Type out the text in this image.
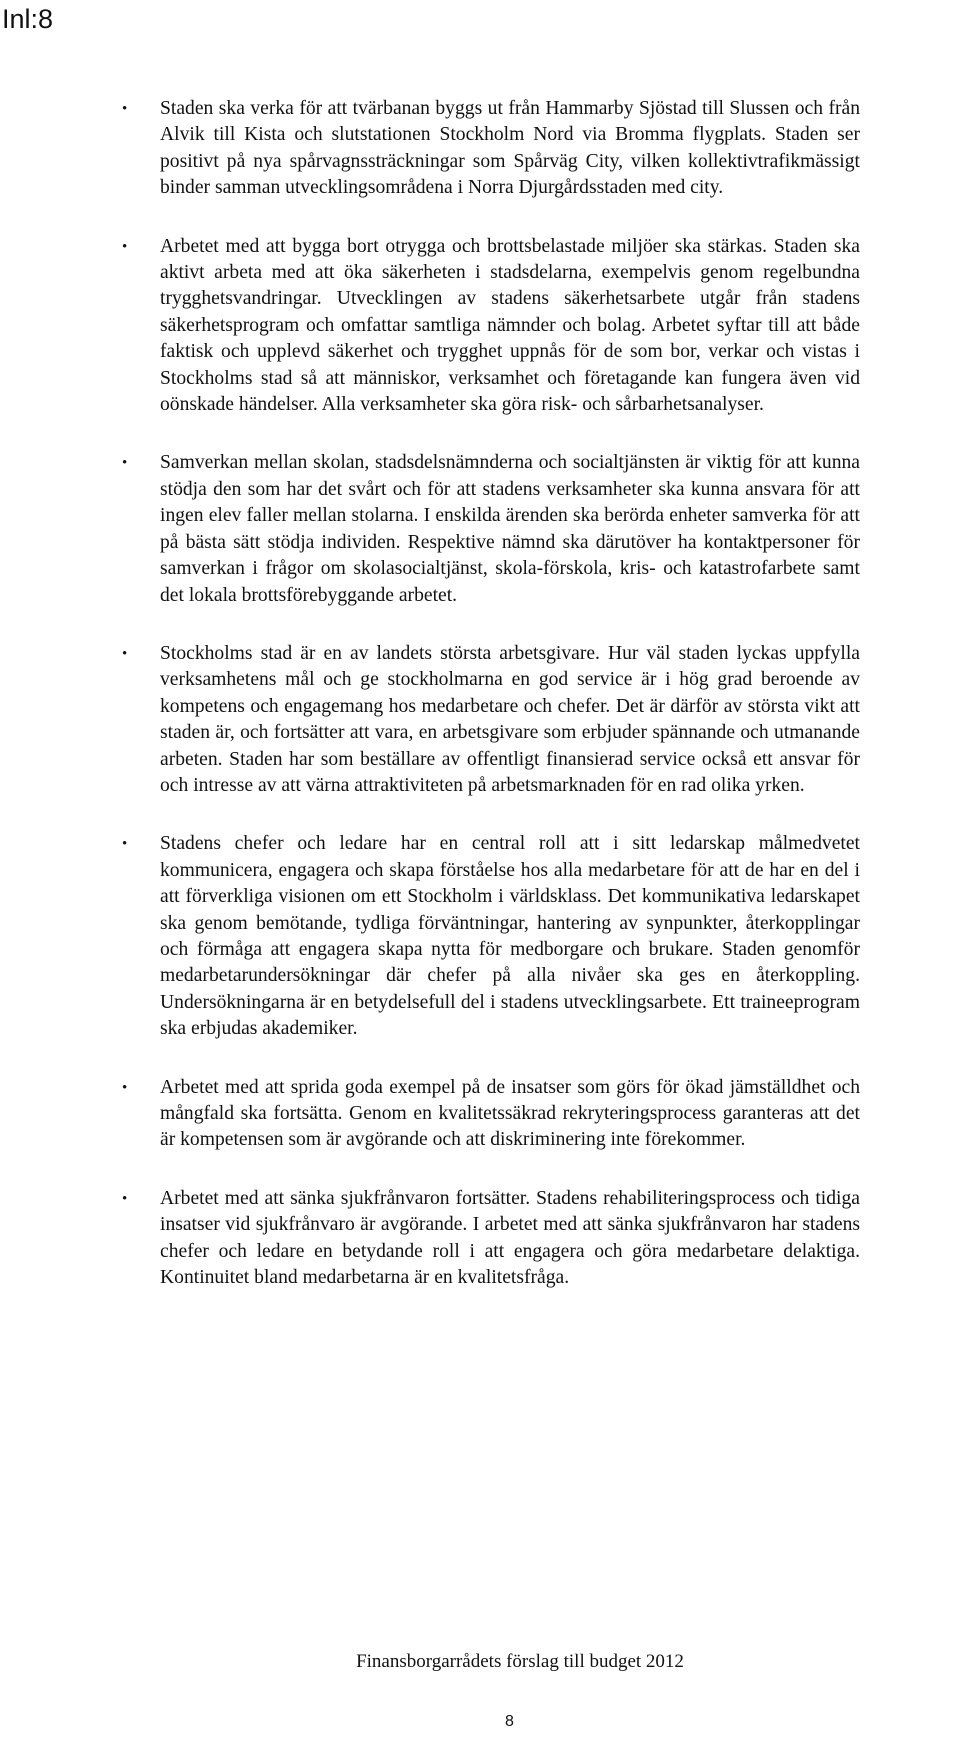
Inl:8
• Staden ska verka för att tvärbanan byggs ut från Hammarby Sjöstad till Slussen och från Alvik till Kista och slutstationen Stockholm Nord via Bromma flygplats. Staden ser positivt på nya spårvagnssträckningar som Spårväg City, vilken kollektivtrafikmässigt binder samman utvecklingsområdena i Norra Djurgårdsstaden med city.
• Arbetet med att bygga bort otrygga och brottsbelastade miljöer ska stärkas. Staden ska aktivt arbeta med att öka säkerheten i stadsdelarna, exempelvis genom regelbundna trygghetsvandringar. Utvecklingen av stadens säkerhetsarbete utgår från stadens säkerhetsprogram och omfattar samtliga nämnder och bolag. Arbetet syftar till att både faktisk och upplevd säkerhet och trygghet uppnås för de som bor, verkar och vistas i Stockholms stad så att människor, verksamhet och företagande kan fungera även vid oönskade händelser. Alla verksamheter ska göra risk- och sårbarhetsanalyser.
• Samverkan mellan skolan, stadsdelsnämnderna och socialtjänsten är viktig för att kunna stödja den som har det svårt och för att stadens verksamheter ska kunna ansvara för att ingen elev faller mellan stolarna. I enskilda ärenden ska berörda enheter samverka för att på bästa sätt stödja individen. Respektive nämnd ska därutöver ha kontaktpersoner för samverkan i frågor om skolasocialtjänst, skola-förskola, kris- och katastrofarbete samt det lokala brottsförebyggande arbetet.
• Stockholms stad är en av landets största arbetsgivare. Hur väl staden lyckas uppfylla verksamhetens mål och ge stockholmarna en god service är i hög grad beroende av kompetens och engagemang hos medarbetare och chefer. Det är därför av största vikt att staden är, och fortsätter att vara, en arbetsgivare som erbjuder spännande och utmanande arbeten. Staden har som beställare av offentligt finansierad service också ett ansvar för och intresse av att värna attraktiviteten på arbetsmarknaden för en rad olika yrken.
• Stadens chefer och ledare har en central roll att i sitt ledarskap målmedvetet kommunicera, engagera och skapa förståelse hos alla medarbetare för att de har en del i att förverkliga visionen om ett Stockholm i världsklass. Det kommunikativa ledarskapet ska genom bemötande, tydliga förväntningar, hantering av synpunkter, återkopplingar och förmåga att engagera skapa nytta för medborgare och brukare. Staden genomför medarbetarundersökningar där chefer på alla nivåer ska ges en återkoppling. Undersökningarna är en betydelsefull del i stadens utvecklingsarbete. Ett traineeprogram ska erbjudas akademiker.
• Arbetet med att sprida goda exempel på de insatser som görs för ökad jämställdhet och mångfald ska fortsätta. Genom en kvalitetssäkrad rekryteringsprocess garanteras att det är kompetensen som är avgörande och att diskriminering inte förekommer.
• Arbetet med att sänka sjukfrånvaron fortsätter. Stadens rehabiliteringsprocess och tidiga insatser vid sjukfrånvaro är avgörande. I arbetet med att sänka sjukfrånvaron har stadens chefer och ledare en betydande roll i att engagera och göra medarbetare delaktiga. Kontinuitet bland medarbetarna är en kvalitetsfråga.
Finansborgarrådets förslag till budget 2012
8
